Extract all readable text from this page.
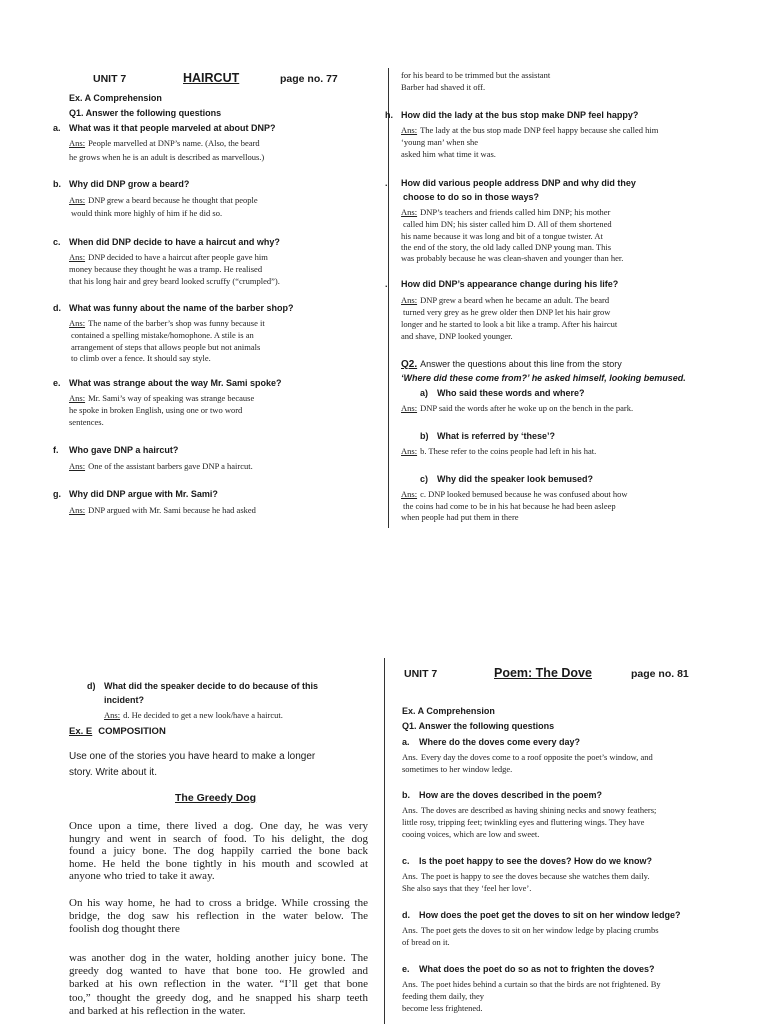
UNIT 7	HAIRCUT	page no. 77
Ex. A Comprehension
Q1. Answer the following questions
a. What was it that people marveled at about DNP?
Ans: People marvelled at DNP’s name. (Also, the beard
he grows when he is an adult is described as marvellous.)
b. Why did DNP grow a beard?
Ans: DNP grew a beard because he thought that people
would think more highly of him if he did so.
c. When did DNP decide to have a haircut and why?
Ans: DNP decided to have a haircut after people gave him
money because they thought he was a tramp. He realised
that his long hair and grey beard looked scruffy (“crumpled”).
d. What was funny about the name of the barber shop?
Ans: The name of the barber’s shop was funny because it
contained a spelling mistake/homophone. A stile is an
arrangement of steps that allows people but not animals
to climb over a fence. It should say style.
e. What was strange about the way Mr. Sami spoke?
Ans: Mr. Sami’s way of speaking was strange because
he spoke in broken English, using one or two word
sentences.
f. Who gave DNP a haircut?
Ans: One of the assistant barbers gave DNP a haircut.
g. Why did DNP argue with Mr. Sami?
Ans: DNP argued with Mr. Sami because he had asked
for his beard to be trimmed but the assistant
Barber had shaved it off.
h. How did the lady at the bus stop make DNP feel happy?
Ans: The lady at the bus stop made DNP feel happy because she called him
‘young man’ when she
asked him what time it was.
. How did various people address DNP and why did they
choose to do so in those ways?
Ans: DNP’s teachers and friends called him DNP; his mother
called him DN; his sister called him D. All of them shortened
his name because it was long and bit of a tongue twister. At
the end of the story, the old lady called DNP young man. This
was probably because he was clean-shaven and younger than her.
. How did DNP’s appearance change during his life?
Ans: DNP grew a beard when he became an adult. The beard
turned very grey as he grew older then DNP let his hair grow
longer and he started to look a bit like a tramp. After his haircut
and shave, DNP looked younger.
Q2. Answer the questions about this line from the story
‘Where did these come from?’ he asked himself, looking bemused.
a) Who said these words and where?
Ans: DNP said the words after he woke up on the bench in the park.
b) What is referred by ‘these’?
Ans: b. These refer to the coins people had left in his hat.
c) Why did the speaker look bemused?
Ans: c. DNP looked bemused because he was confused about how
the coins had come to be in his hat because he had been asleep
when people had put them in there
d) What did the speaker decide to do because of this
incident?
Ans: d. He decided to get a new look/have a haircut.
Ex. E COMPOSITION
Use one of the stories you have heard to make a longer
story. Write about it.
The Greedy Dog
Once upon a time, there lived a dog. One day, he was very
hungry and went in search of food. To his delight, the dog
found a juicy bone. The dog happily carried the bone back
home. He held the bone tightly in his mouth and scowled at
anyone who tried to take it away.
On his way home, he had to cross a bridge. While crossing the
bridge, the dog saw his reflection in the water below. The
foolish dog thought there
was another dog in the water, holding another juicy bone. The
greedy dog wanted to have that bone too. He growled and
barked at his own reflection in the water. “I’ll get that bone
too,” thought the greedy dog, and he snapped his sharp teeth
and barked at his reflection in the water.
UNIT 7	Poem: The Dove	page no. 81
Ex. A Comprehension
Q1. Answer the following questions
a. Where do the doves come every day?
Ans. Every day the doves come to a roof opposite the poet’s window, and
sometimes to her window ledge.
b. How are the doves described in the poem?
Ans. The doves are described as having shining necks and snowy feathers;
little rosy, tripping feet; twinkling eyes and fluttering wings. They have
cooing voices, which are low and sweet.
c. Is the poet happy to see the doves? How do we know?
Ans. The poet is happy to see the doves because she watches them daily.
She also says that they ‘feel her love’.
d. How does the poet get the doves to sit on her window ledge?
Ans. The poet gets the doves to sit on her window ledge by placing crumbs
of bread on it.
e. What does the poet do so as not to frighten the doves?
Ans. The poet hides behind a curtain so that the birds are not frightened. By
feeding them daily, they
become less frightened.
